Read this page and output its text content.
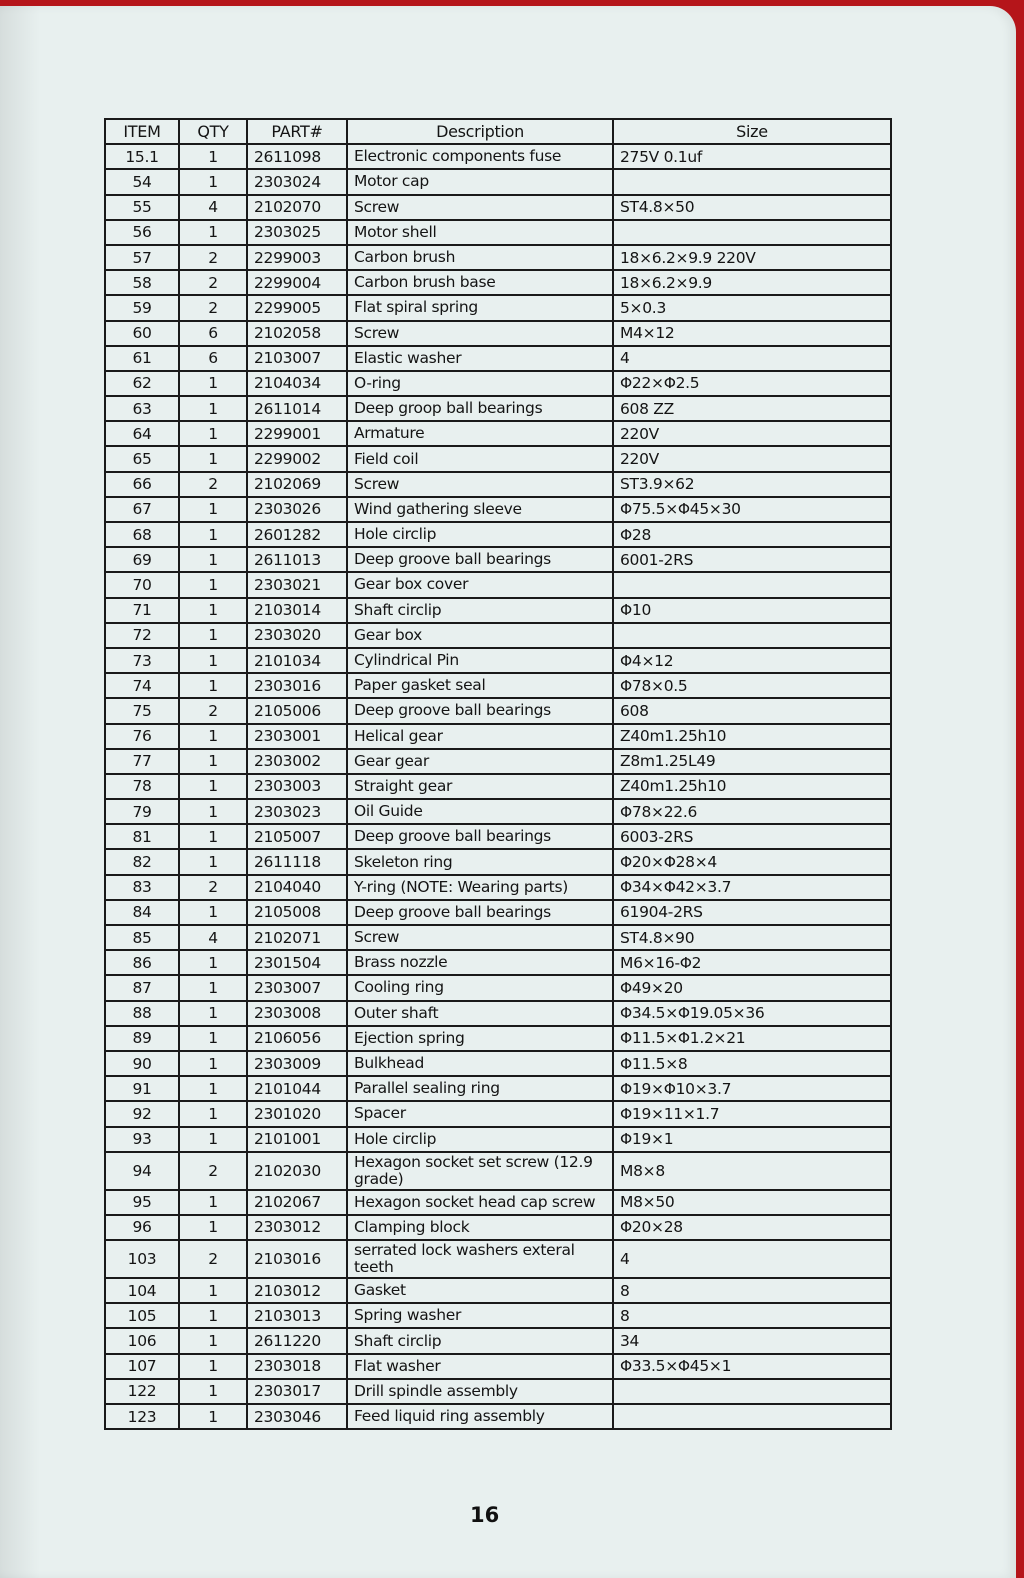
ITEM	QTY	PART#	Description	Size
15.1	1	2611098	Electronic components fuse	275V 0.1uf
54	1	2303024	Motor cap	
55	4	2102070	Screw	ST4.8×50
56	1	2303025	Motor shell	
57	2	2299003	Carbon brush	18×6.2×9.9 220V
58	2	2299004	Carbon brush base	18×6.2×9.9
59	2	2299005	Flat spiral spring	5×0.3
60	6	2102058	Screw	M4×12
61	6	2103007	Elastic washer	4
62	1	2104034	O-ring	Φ22×Φ2.5
63	1	2611014	Deep groop ball bearings	608 ZZ
64	1	2299001	Armature	220V
65	1	2299002	Field coil	220V
66	2	2102069	Screw	ST3.9×62
67	1	2303026	Wind gathering sleeve	Φ75.5×Φ45×30
68	1	2601282	Hole circlip	Φ28
69	1	2611013	Deep groove ball bearings	6001-2RS
70	1	2303021	Gear box cover	
71	1	2103014	Shaft circlip	Φ10
72	1	2303020	Gear box	
73	1	2101034	Cylindrical Pin	Φ4×12
74	1	2303016	Paper gasket seal	Φ78×0.5
75	2	2105006	Deep groove ball bearings	608
76	1	2303001	Helical gear	Z40m1.25h10
77	1	2303002	Gear gear	Z8m1.25L49
78	1	2303003	Straight gear	Z40m1.25h10
79	1	2303023	Oil Guide	Φ78×22.6
81	1	2105007	Deep groove ball bearings	6003-2RS
82	1	2611118	Skeleton ring	Φ20×Φ28×4
83	2	2104040	Y-ring (NOTE: Wearing parts)	Φ34×Φ42×3.7
84	1	2105008	Deep groove ball bearings	61904-2RS
85	4	2102071	Screw	ST4.8×90
86	1	2301504	Brass nozzle	M6×16-Φ2
87	1	2303007	Cooling ring	Φ49×20
88	1	2303008	Outer shaft	Φ34.5×Φ19.05×36
89	1	2106056	Ejection spring	Φ11.5×Φ1.2×21
90	1	2303009	Bulkhead	Φ11.5×8
91	1	2101044	Parallel sealing ring	Φ19×Φ10×3.7
92	1	2301020	Spacer	Φ19×11×1.7
93	1	2101001	Hole circlip	Φ19×1
94	2	2102030	Hexagon socket set screw (12.9 grade)	M8×8
95	1	2102067	Hexagon socket head cap screw	M8×50
96	1	2303012	Clamping block	Φ20×28
103	2	2103016	serrated lock washers exteral teeth	4
104	1	2103012	Gasket	8
105	1	2103013	Spring washer	8
106	1	2611220	Shaft circlip	34
107	1	2303018	Flat washer	Φ33.5×Φ45×1
122	1	2303017	Drill spindle assembly	
123	1	2303046	Feed liquid ring assembly	
16
